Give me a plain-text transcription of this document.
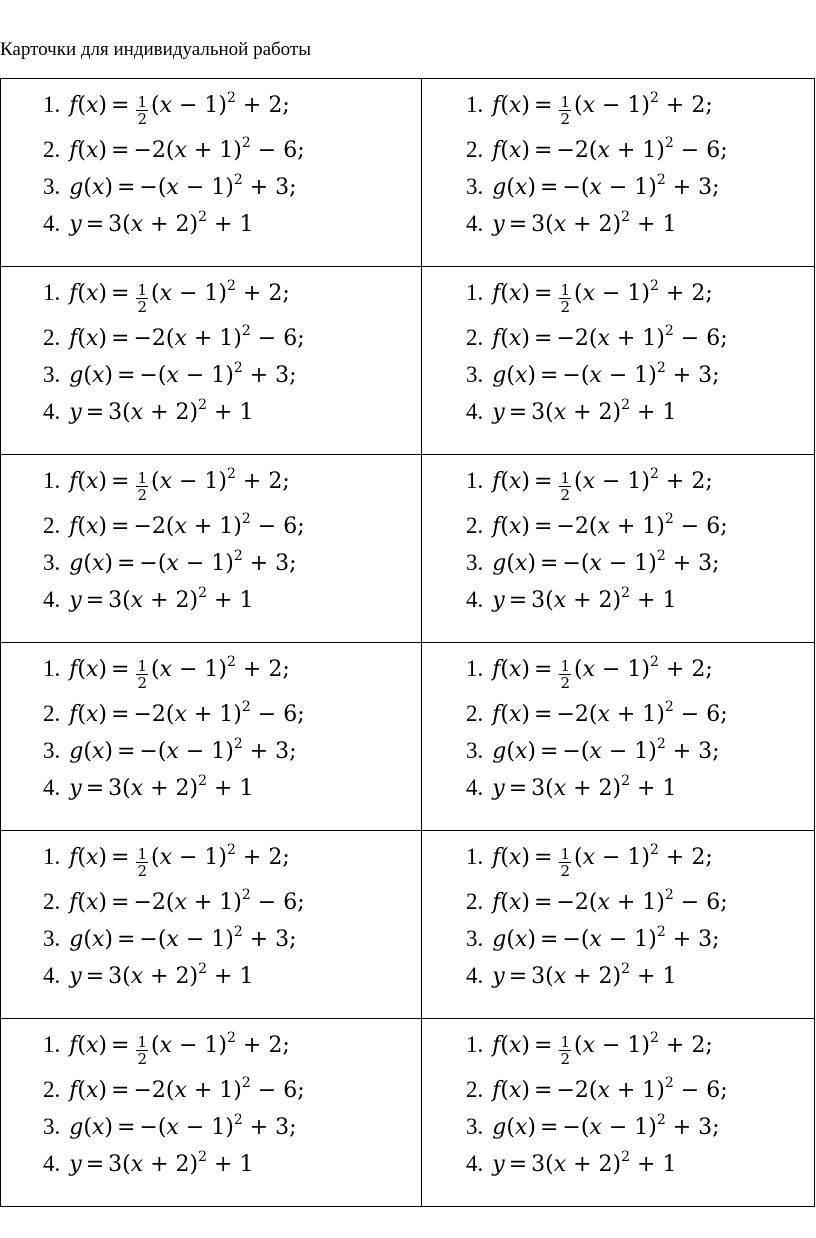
Карточки для индивидуальной работы
1. $f(x) = \frac{1}{2} (x - 1)^2 + 2$;
2. $f(x) = -2(x + 1)^2 - 6$;
3. $g(x) = -(x - 1)^2 + 3$;
4. $y = 3(x + 2)^2 + 1$
1. $f(x) = \frac{1}{2} (x - 1)^2 + 2$;
2. $f(x) = -2(x + 1)^2 - 6$;
3. $g(x) = -(x - 1)^2 + 3$;
4. $y = 3(x + 2)^2 + 1$
1. $f(x) = \frac{1}{2} (x - 1)^2 + 2$;
2. $f(x) = -2(x + 1)^2 - 6$;
3. $g(x) = -(x - 1)^2 + 3$;
4. $y = 3(x + 2)^2 + 1$
1. $f(x) = \frac{1}{2} (x - 1)^2 + 2$;
2. $f(x) = -2(x + 1)^2 - 6$;
3. $g(x) = -(x - 1)^2 + 3$;
4. $y = 3(x + 2)^2 + 1$
1. $f(x) = \frac{1}{2} (x - 1)^2 + 2$;
2. $f(x) = -2(x + 1)^2 - 6$;
3. $g(x) = -(x - 1)^2 + 3$;
4. $y = 3(x + 2)^2 + 1$
1. $f(x) = \frac{1}{2} (x - 1)^2 + 2$;
2. $f(x) = -2(x + 1)^2 - 6$;
3. $g(x) = -(x - 1)^2 + 3$;
4. $y = 3(x + 2)^2 + 1$
1. $f(x) = \frac{1}{2} (x - 1)^2 + 2$;
2. $f(x) = -2(x + 1)^2 - 6$;
3. $g(x) = -(x - 1)^2 + 3$;
4. $y = 3(x + 2)^2 + 1$
1. $f(x) = \frac{1}{2} (x - 1)^2 + 2$;
2. $f(x) = -2(x + 1)^2 - 6$;
3. $g(x) = -(x - 1)^2 + 3$;
4. $y = 3(x + 2)^2 + 1$
1. $f(x) = \frac{1}{2} (x - 1)^2 + 2$;
2. $f(x) = -2(x + 1)^2 - 6$;
3. $g(x) = -(x - 1)^2 + 3$;
4. $y = 3(x + 2)^2 + 1$
1. $f(x) = \frac{1}{2} (x - 1)^2 + 2$;
2. $f(x) = -2(x + 1)^2 - 6$;
3. $g(x) = -(x - 1)^2 + 3$;
4. $y = 3(x + 2)^2 + 1$
1. $f(x) = \frac{1}{2} (x - 1)^2 + 2$;
2. $f(x) = -2(x + 1)^2 - 6$;
3. $g(x) = -(x - 1)^2 + 3$;
4. $y = 3(x + 2)^2 + 1$
1. $f(x) = \frac{1}{2} (x - 1)^2 + 2$;
2. $f(x) = -2(x + 1)^2 - 6$;
3. $g(x) = -(x - 1)^2 + 3$;
4. $y = 3(x + 2)^2 + 1$
